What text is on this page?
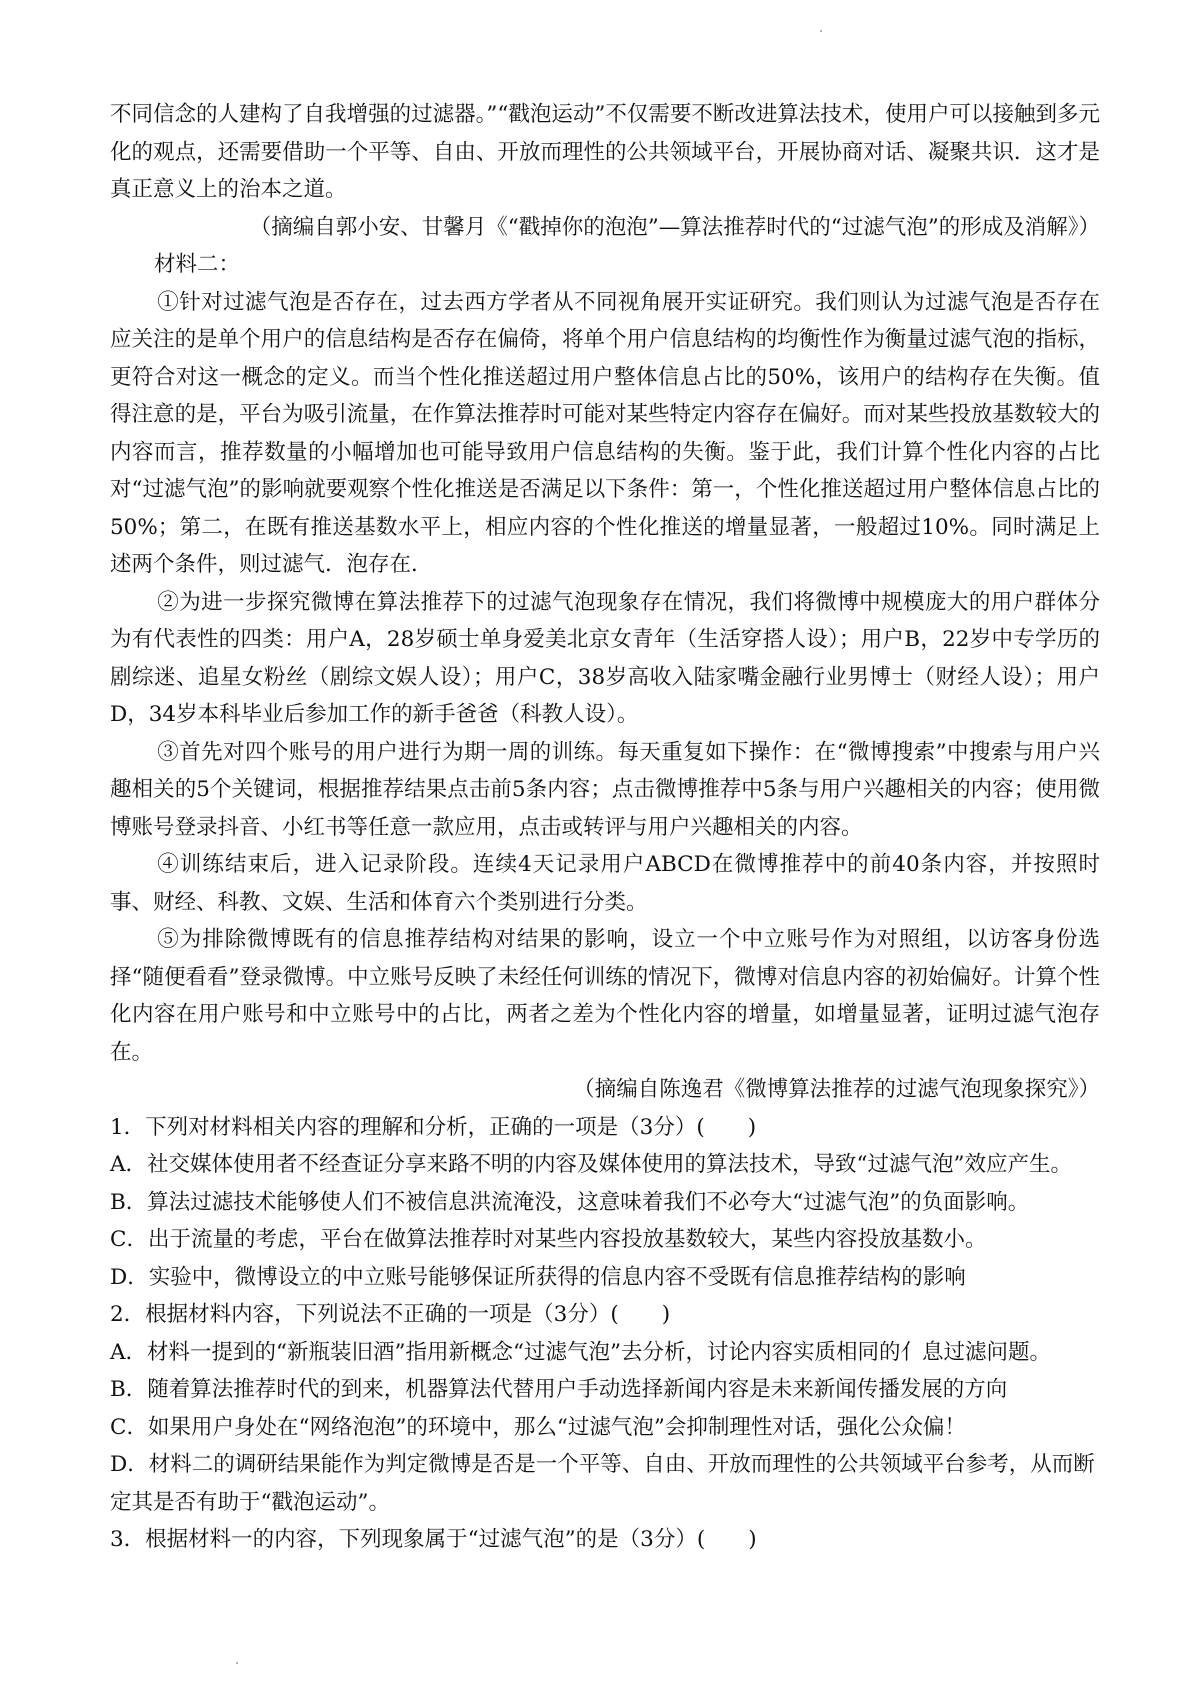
不同信念的人建构了自我增强的过滤器。”“戳泡运动”不仅需要不断改进算法技术，使用户可以接触到多元化的观点，还需要借助一个平等、自由、开放而理性的公共领域平台，开展协商对话、凝聚共识．这才是真正意义上的治本之道。

（摘编自郭小安、甘馨月《“戳掉你的泡泡”—算法推荐时代的“过滤气泡”的形成及消解》）

材料二：

①针对过滤气泡是否存在，过去西方学者从不同视角展开实证研究。我们则认为过滤气泡是否存在应关注的是单个用户的信息结构是否存在偏倚，将单个用户信息结构的均衡性作为衡量过滤气泡的指标，更符合对这一概念的定义。而当个性化推送超过用户整体信息占比的50%，该用户的结构存在失衡。值得注意的是，平台为吸引流量，在作算法推荐时可能对某些特定内容存在偏好。而对某些投放基数较大的内容而言，推荐数量的小幅增加也可能导致用户信息结构的失衡。鉴于此，我们计算个性化内容的占比对“过滤气泡”的影响就要观察个性化推送是否满足以下条件：第一，个性化推送超过用户整体信息占比的50%；第二，在既有推送基数水平上，相应内容的个性化推送的增量显著，一般超过10%。同时满足上述两个条件，则过滤气．泡存在．

②为进一步探究微博在算法推荐下的过滤气泡现象存在情况，我们将微博中规模庞大的用户群体分为有代表性的四类：用户A，28岁硕士单身爱美北京女青年（生活穿搭人设）；用户B，22岁中专学历的剧综迷、追星女粉丝（剧综文娱人设）；用户C，38岁高收入陆家嘴金融行业男博士（财经人设）；用户D，34岁本科毕业后参加工作的新手爸爸（科教人设）。

③首先对四个账号的用户进行为期一周的训练。每天重复如下操作：在“微博搜索”中搜索与用户兴趣相关的5个关键词，根据推荐结果点击前5条内容；点击微博推荐中5条与用户兴趣相关的内容；使用微博账号登录抖音、小红书等任意一款应用，点击或转评与用户兴趣相关的内容。

④训练结束后，进入记录阶段。连续4天记录用户ABCD在微博推荐中的前40条内容，并按照时事、财经、科教、文娱、生活和体育六个类别进行分类。

⑤为排除微博既有的信息推荐结构对结果的影响，设立一个中立账号作为对照组，以访客身份选择“随便看看”登录微博。中立账号反映了未经任何训练的情况下，微博对信息内容的初始偏好。计算个性化内容在用户账号和中立账号中的占比，两者之差为个性化内容的增量，如增量显著，证明过滤气泡存在。

（摘编自陈逸君《微博算法推荐的过滤气泡现象探究》）

1．下列对材料相关内容的理解和分析，正确的一项是（3分）(　　)

A．社交媒体使用者不经查证分享来路不明的内容及媒体使用的算法技术，导致“过滤气泡”效应产生。

B．算法过滤技术能够使人们不被信息洪流淹没，这意味着我们不必夸大“过滤气泡”的负面影响。

C．出于流量的考虑，平台在做算法推荐时对某些内容投放基数较大，某些内容投放基数小。

D．实验中，微博设立的中立账号能够保证所获得的信息内容不受既有信息推荐结构的影响

2．根据材料内容，下列说法不正确的一项是（3分）(　　)

A．材料一提到的“新瓶装旧酒”指用新概念“过滤气泡”去分析，讨论内容实质相同的亻息过滤问题。

B．随着算法推荐时代的到来，机器算法代替用户手动选择新闻内容是未来新闻传播发展的方向

C．如果用户身处在“网络泡泡”的环境中，那么“过滤气泡”会抑制理性对话，强化公众偏！

D．材料二的调研结果能作为判定微博是否是一个平等、自由、开放而理性的公共领域平台参考，从而断定其是否有助于“戳泡运动”。

3．根据材料一的内容，下列现象属于“过滤气泡”的是（3分）(　　)
